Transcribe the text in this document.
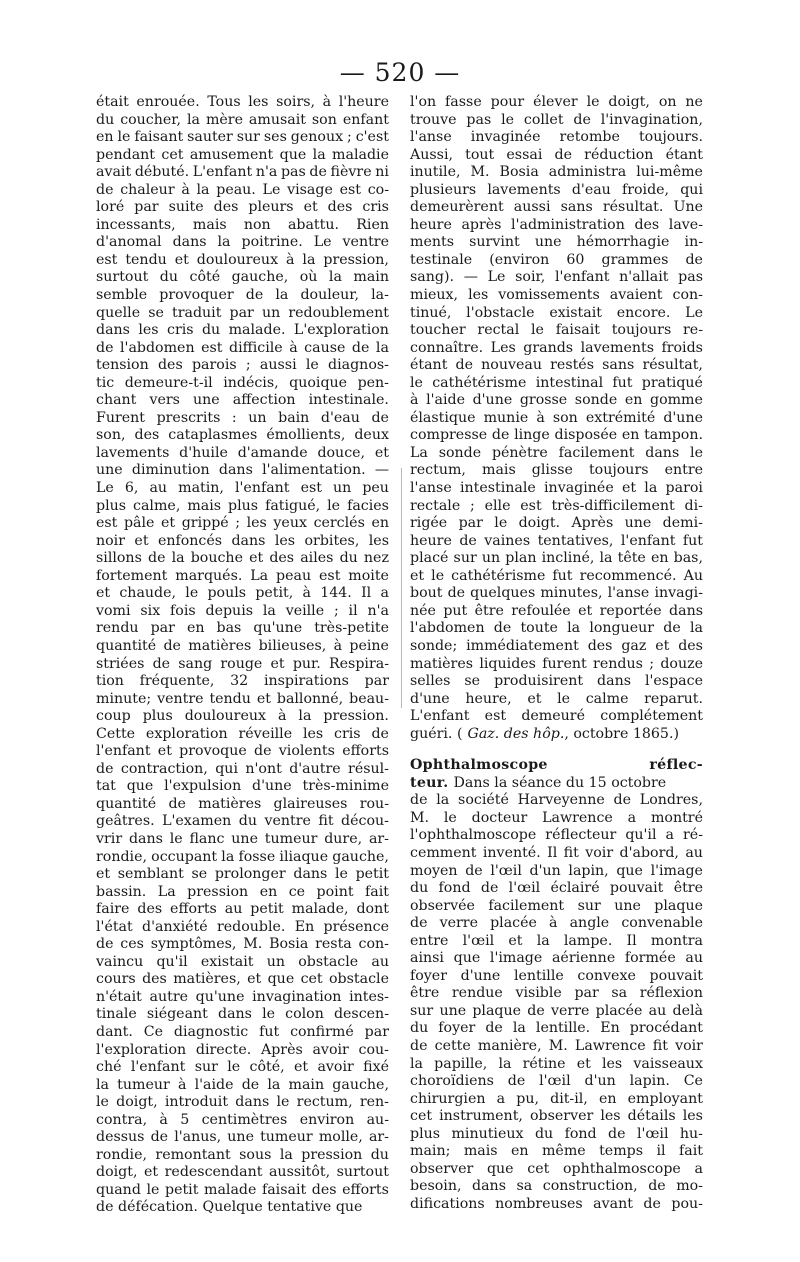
— 520 —
était enrouée. Tous les soirs, à l'heure
du coucher, la mère amusait son enfant
en le faisant sauter sur ses genoux ; c'est
pendant cet amusement que la maladie
avait débuté. L'enfant n'a pas de fièvre ni
de chaleur à la peau. Le visage est co-
loré par suite des pleurs et des cris
incessants, mais non abattu. Rien
d'anomal dans la poitrine. Le ventre
est tendu et douloureux à la pression,
surtout du côté gauche, où la main
semble provoquer de la douleur, la-
quelle se traduit par un redoublement
dans les cris du malade. L'exploration
de l'abdomen est difficile à cause de la
tension des parois ; aussi le diagnos-
tic demeure-t-il indécis, quoique pen-
chant vers une affection intestinale.
Furent prescrits : un bain d'eau de
son, des cataplasmes émollients, deux
lavements d'huile d'amande douce, et
une diminution dans l'alimentation. —
Le 6, au matin, l'enfant est un peu
plus calme, mais plus fatigué, le facies
est pâle et grippé ; les yeux cerclés en
noir et enfoncés dans les orbites, les
sillons de la bouche et des ailes du nez
fortement marqués. La peau est moite
et chaude, le pouls petit, à 144. Il a
vomi six fois depuis la veille ; il n'a
rendu par en bas qu'une très-petite
quantité de matières bilieuses, à peine
striées de sang rouge et pur. Respira-
tion fréquente, 32 inspirations par
minute; ventre tendu et ballonné, beau-
coup plus douloureux à la pression.
Cette exploration réveille les cris de
l'enfant et provoque de violents efforts
de contraction, qui n'ont d'autre résul-
tat que l'expulsion d'une très-minime
quantité de matières glaireuses rou-
geâtres. L'examen du ventre fit décou-
vrir dans le flanc une tumeur dure, ar-
rondie, occupant la fosse iliaque gauche,
et semblant se prolonger dans le petit
bassin. La pression en ce point fait
faire des efforts au petit malade, dont
l'état d'anxiété redouble. En présence
de ces symptômes, M. Bosia resta con-
vaincu qu'il existait un obstacle au
cours des matières, et que cet obstacle
n'était autre qu'une invagination intes-
tinale siégeant dans le colon descen-
dant. Ce diagnostic fut confirmé par
l'exploration directe. Après avoir cou-
ché l'enfant sur le côté, et avoir fixé
la tumeur à l'aide de la main gauche,
le doigt, introduit dans le rectum, ren-
contra, à 5 centimètres environ au-
dessus de l'anus, une tumeur molle, ar-
rondie, remontant sous la pression du
doigt, et redescendant aussitôt, surtout
quand le petit malade faisait des efforts
de défécation. Quelque tentative que
l'on fasse pour élever le doigt, on ne
trouve pas le collet de l'invagination,
l'anse invaginée retombe toujours.
Aussi, tout essai de réduction étant
inutile, M. Bosia administra lui-même
plusieurs lavements d'eau froide, qui
demeurèrent aussi sans résultat. Une
heure après l'administration des lave-
ments survint une hémorrhagie in-
testinale (environ 60 grammes de
sang). — Le soir, l'enfant n'allait pas
mieux, les vomissements avaient con-
tinué, l'obstacle existait encore. Le
toucher rectal le faisait toujours re-
connaître. Les grands lavements froids
étant de nouveau restés sans résultat,
le cathétérisme intestinal fut pratiqué
à l'aide d'une grosse sonde en gomme
élastique munie à son extrémité d'une
compresse de linge disposée en tampon.
La sonde pénètre facilement dans le
rectum, mais glisse toujours entre
l'anse intestinale invaginée et la paroi
rectale ; elle est très-difficilement di-
rigée par le doigt. Après une demi-
heure de vaines tentatives, l'enfant fut
placé sur un plan incliné, la tête en bas,
et le cathétérisme fut recommencé. Au
bout de quelques minutes, l'anse invagi-
née put être refoulée et reportée dans
l'abdomen de toute la longueur de la
sonde; immédiatement des gaz et des
matières liquides furent rendus ; douze
selles se produisirent dans l'espace
d'une heure, et le calme reparut.
L'enfant est demeuré complétement
guéri. ( Gaz. des hôp. , octobre 1865.)
Ophthalmoscope	réflec-
teur. Dans la séance du 15 octobre
de la société Harveyenne de Londres,
M. le docteur Lawrence a montré
l'ophthalmoscope réflecteur qu'il a ré-
cemment inventé. Il fit voir d'abord, au
moyen de l'œil d'un lapin, que l'image
du fond de l'œil éclairé pouvait être
observée facilement sur une plaque
de verre placée à angle convenable
entre l'œil et la lampe. Il montra
ainsi que l'image aérienne formée au
foyer d'une lentille convexe pouvait
être rendue visible par sa réflexion
sur une plaque de verre placée au delà
du foyer de la lentille. En procédant
de cette manière, M. Lawrence fit voir
la papille, la rétine et les vaisseaux
choroïdiens de l'œil d'un lapin. Ce
chirurgien a pu, dit-il, en employant
cet instrument, observer les détails les
plus minutieux du fond de l'œil hu-
main; mais en même temps il fait
observer que cet ophthalmoscope a
besoin, dans sa construction, de mo-
difications nombreuses avant de pou-
